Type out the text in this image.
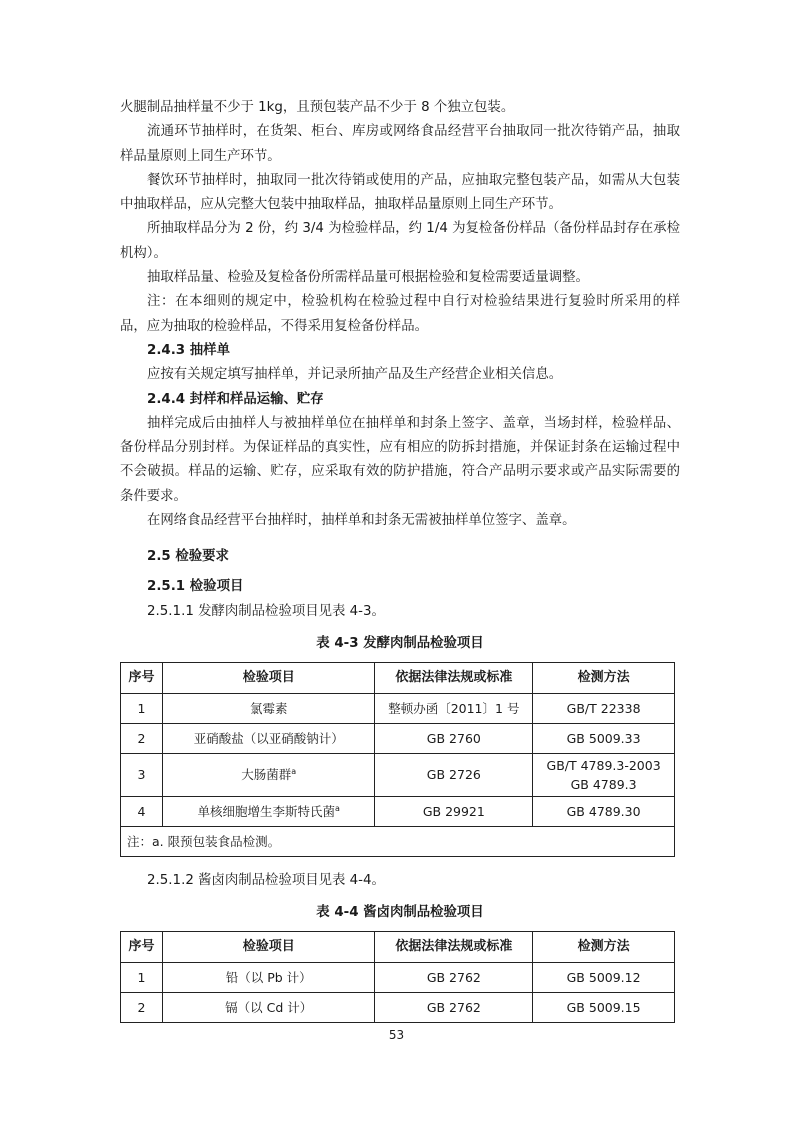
火腿制品抽样量不少于 1kg，且预包装产品不少于 8 个独立包装。

流通环节抽样时，在货架、柜台、库房或网络食品经营平台抽取同一批次待销产品，抽取样品量原则上同生产环节。

餐饮环节抽样时，抽取同一批次待销或使用的产品，应抽取完整包装产品，如需从大包装中抽取样品，应从完整大包装中抽取样品，抽取样品量原则上同生产环节。

所抽取样品分为 2 份，约 3/4 为检验样品，约 1/4 为复检备份样品（备份样品封存在承检机构）。

抽取样品量、检验及复检备份所需样品量可根据检验和复检需要适量调整。

注：在本细则的规定中，检验机构在检验过程中自行对检验结果进行复验时所采用的样品，应为抽取的检验样品，不得采用复检备份样品。

2.4.3 抽样单

应按有关规定填写抽样单，并记录所抽产品及生产经营企业相关信息。

2.4.4 封样和样品运输、贮存

抽样完成后由抽样人与被抽样单位在抽样单和封条上签字、盖章，当场封样，检验样品、备份样品分别封样。为保证样品的真实性，应有相应的防拆封措施，并保证封条在运输过程中不会破损。样品的运输、贮存，应采取有效的防护措施，符合产品明示要求或产品实际需要的条件要求。

在网络食品经营平台抽样时，抽样单和封条无需被抽样单位签字、盖章。

2.5 检验要求
2.5.1 检验项目
2.5.1.1 发酵肉制品检验项目见表 4-3。
表 4-3 发酵肉制品检验项目
序号	检验项目	依据法律法规或标准	检测方法
1	氯霉素	整顿办函〔2011〕1 号	GB/T 22338
2	亚硝酸盐（以亚硝酸钠计）	GB 2760	GB 5009.33
3	大肠菌群$^a$	GB 2726	GB/T 4789.3-2003
GB 4789.3

4	单核细胞增生李斯特氏菌$^a$	GB 29921	GB 4789.30
注：a. 限预包装食品检测。			
2.5.1.2 酱卤肉制品检验项目见表 4-4。
表 4-4 酱卤肉制品检验项目
序号	检验项目	依据法律法规或标准	检测方法
1	铅（以 Pb 计）	GB 2762	GB 5009.12
2	镉（以 Cd 计）	GB 2762	GB 5009.15
53
